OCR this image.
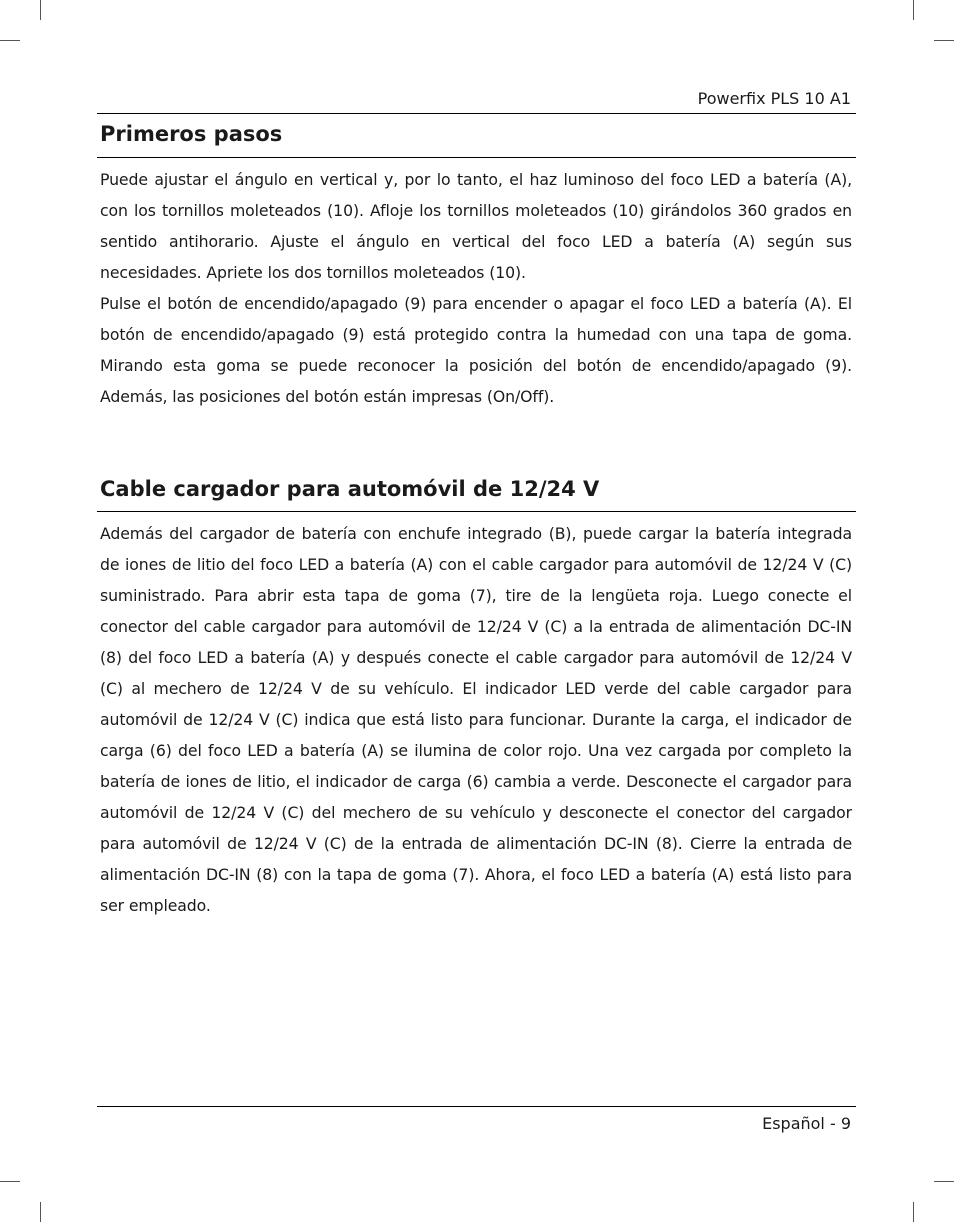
Powerfix PLS 10 A1
Primeros pasos

Puede ajustar el ángulo en vertical y, por lo tanto, el haz luminoso del foco LED a batería (A), con los tornillos moleteados (10). Afloje los tornillos moleteados (10) girándolos 360 grados en sentido antihorario. Ajuste el ángulo en vertical del foco LED a batería (A) según sus necesidades. Apriete los dos tornillos moleteados (10).

Pulse el botón de encendido/apagado (9) para encender o apagar el foco LED a batería (A). El botón de encendido/apagado (9) está protegido contra la humedad con una tapa de goma. Mirando esta goma se puede reconocer la posición del botón de encendido/apagado (9). Además, las posiciones del botón están impresas (On/Off).

Cable cargador para automóvil de 12/24 V

Además del cargador de batería con enchufe integrado (B), puede cargar la batería integrada de iones de litio del foco LED a batería (A) con el cable cargador para automóvil de 12/24 V (C) suministrado. Para abrir esta tapa de goma (7), tire de la lengüeta roja. Luego conecte el conector del cable cargador para automóvil de 12/24 V (C) a la entrada de alimentación DC-IN (8) del foco LED a batería (A) y después conecte el cable cargador para automóvil de 12/24 V (C) al mechero de 12/24 V de su vehículo. El indicador LED verde del cable cargador para automóvil de 12/24 V (C) indica que está listo para funcionar. Durante la carga, el indicador de carga (6) del foco LED a batería (A) se ilumina de color rojo. Una vez cargada por completo la batería de iones de litio, el indicador de carga (6) cambia a verde. Desconecte el cargador para automóvil de 12/24 V (C) del mechero de su vehículo y desconecte el conector del cargador para automóvil de 12/24 V (C) de la entrada de alimentación DC-IN (8). Cierre la entrada de alimentación DC-IN (8) con la tapa de goma (7). Ahora, el foco LED a batería (A) está listo para ser empleado.

Español - 9
